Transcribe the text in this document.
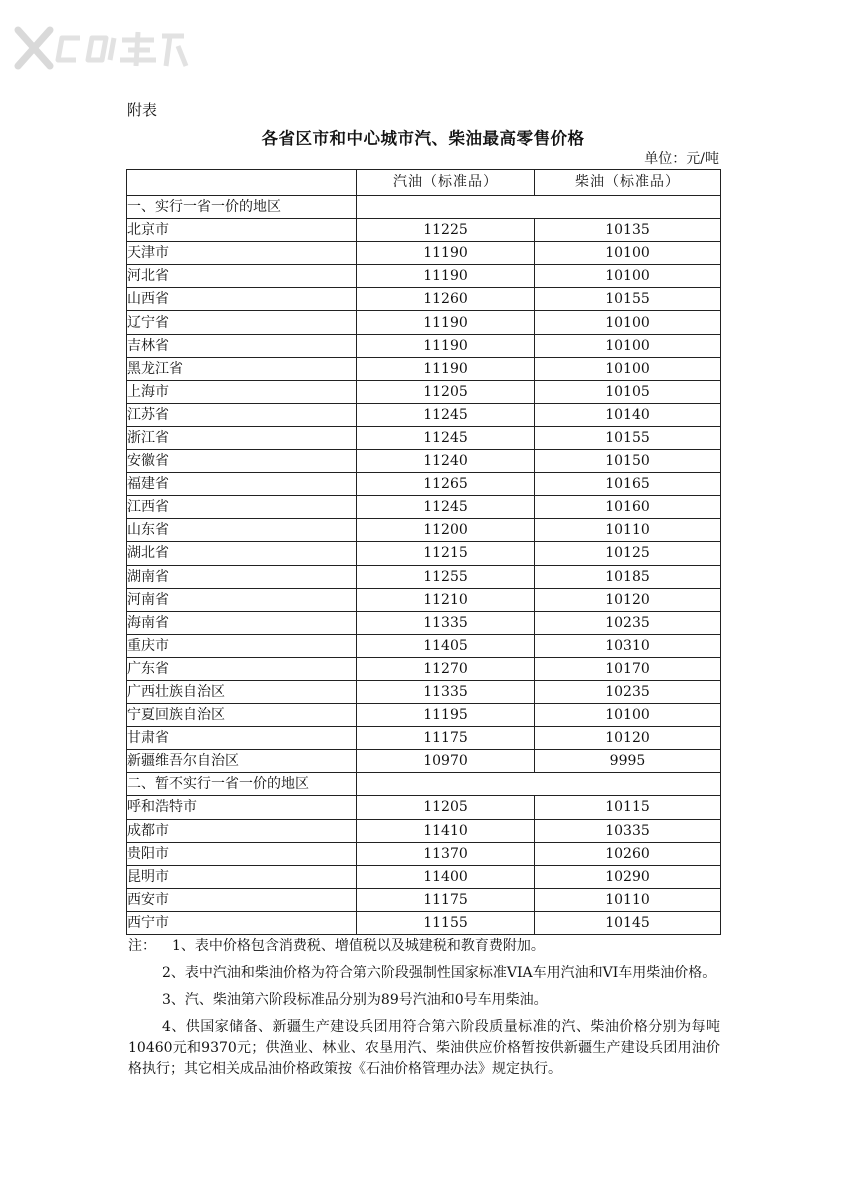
附表
各省区市和中心城市汽、柴油最高零售价格
单位：元/吨
	汽油（标准品）	柴油（标准品）
一、实行一省一价的地区		
北京市	11225	10135
天津市	11190	10100
河北省	11190	10100
山西省	11260	10155
辽宁省	11190	10100
吉林省	11190	10100
黑龙江省	11190	10100
上海市	11205	10105
江苏省	11245	10140
浙江省	11245	10155
安徽省	11240	10150
福建省	11265	10165
江西省	11245	10160
山东省	11200	10110
湖北省	11215	10125
湖南省	11255	10185
河南省	11210	10120
海南省	11335	10235
重庆市	11405	10310
广东省	11270	10170
广西壮族自治区	11335	10235
宁夏回族自治区	11195	10100
甘肃省	11175	10120
新疆维吾尔自治区	10970	9995
二、暂不实行一省一价的地区		
呼和浩特市	11205	10115
成都市	11410	10335
贵阳市	11370	10260
昆明市	11400	10290
西安市	11175	10110
西宁市	11155	10145

注： 1、表中价格包含消费税、增值税以及城建税和教育费附加。

2、表中汽油和柴油价格为符合第六阶段强制性国家标准VIA车用汽油和VI车用柴油价格。

3、汽、柴油第六阶段标准品分别为89号汽油和0号车用柴油。

4、供国家储备、新疆生产建设兵团用符合第六阶段质量标准的汽、柴油价格分别为每吨10460元和9370元；供渔业、林业、农垦用汽、柴油供应价格暂按供新疆生产建设兵团用油价格执行；其它相关成品油价格政策按《石油价格管理办法》规定执行。
